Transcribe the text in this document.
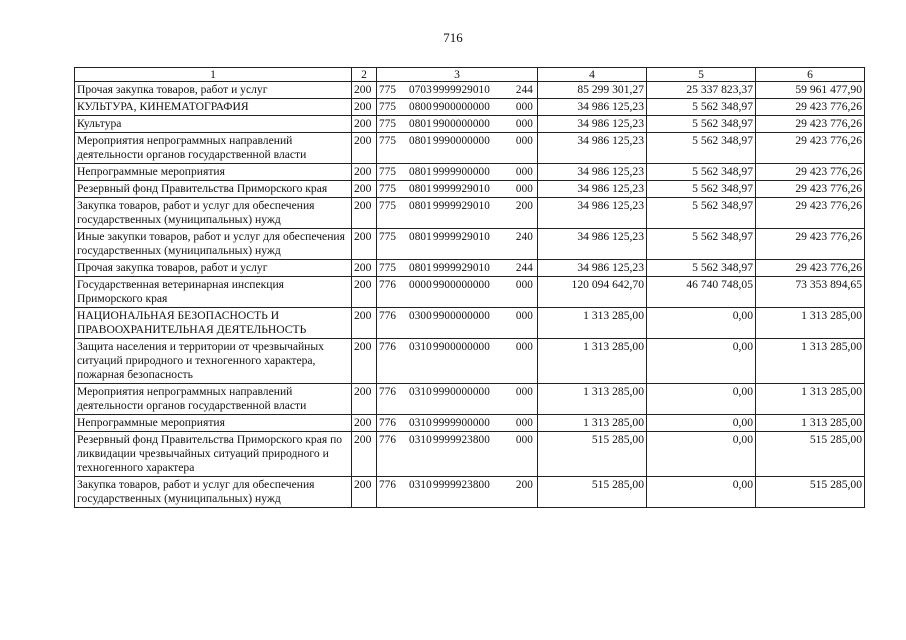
716
1	2	3	4	5	6
Прочая закупка товаров, работ и услуг	200	775 07039999929010 244	85 299 301,27	25 337 823,37	59 961 477,90
КУЛЬТУРА, КИНЕМАТОГРАФИЯ	200	775 08009900000000 000	34 986 125,23	5 562 348,97	29 423 776,26
Культура	200	775 08019900000000 000	34 986 125,23	5 562 348,97	29 423 776,26
Мероприятия непрограммных направлений деятельности органов государственной власти	200	775 08019990000000 000	34 986 125,23	5 562 348,97	29 423 776,26
Непрограммные мероприятия	200	775 08019999900000 000	34 986 125,23	5 562 348,97	29 423 776,26
Резервный фонд Правительства Приморского края	200	775 08019999929010 000	34 986 125,23	5 562 348,97	29 423 776,26
Закупка товаров, работ и услуг для обеспечения государственных (муниципальных) нужд	200	775 08019999929010 200	34 986 125,23	5 562 348,97	29 423 776,26
Иные закупки товаров, работ и услуг для обеспечения государственных (муниципальных) нужд	200	775 08019999929010 240	34 986 125,23	5 562 348,97	29 423 776,26
Прочая закупка товаров, работ и услуг	200	775 08019999929010 244	34 986 125,23	5 562 348,97	29 423 776,26
Государственная ветеринарная инспекция Приморского края	200	776 00009900000000 000	120 094 642,70	46 740 748,05	73 353 894,65
НАЦИОНАЛЬНАЯ БЕЗОПАСНОСТЬ И ПРАВООХРАНИТЕЛЬНАЯ ДЕЯТЕЛЬНОСТЬ	200	776 03009900000000 000	1 313 285,00	0,00	1 313 285,00
Защита населения и территории от чрезвычайных ситуаций природного и техногенного характера, пожарная безопасность	200	776 03109900000000 000	1 313 285,00	0,00	1 313 285,00
Мероприятия непрограммных направлений деятельности органов государственной власти	200	776 03109990000000 000	1 313 285,00	0,00	1 313 285,00
Непрограммные мероприятия	200	776 03109999900000 000	1 313 285,00	0,00	1 313 285,00
Резервный фонд Правительства Приморского края по ликвидации чрезвычайных ситуаций природного и техногенного характера	200	776 03109999923800 000	515 285,00	0,00	515 285,00
Закупка товаров, работ и услуг для обеспечения государственных (муниципальных) нужд	200	776 03109999923800 200	515 285,00	0,00	515 285,00
